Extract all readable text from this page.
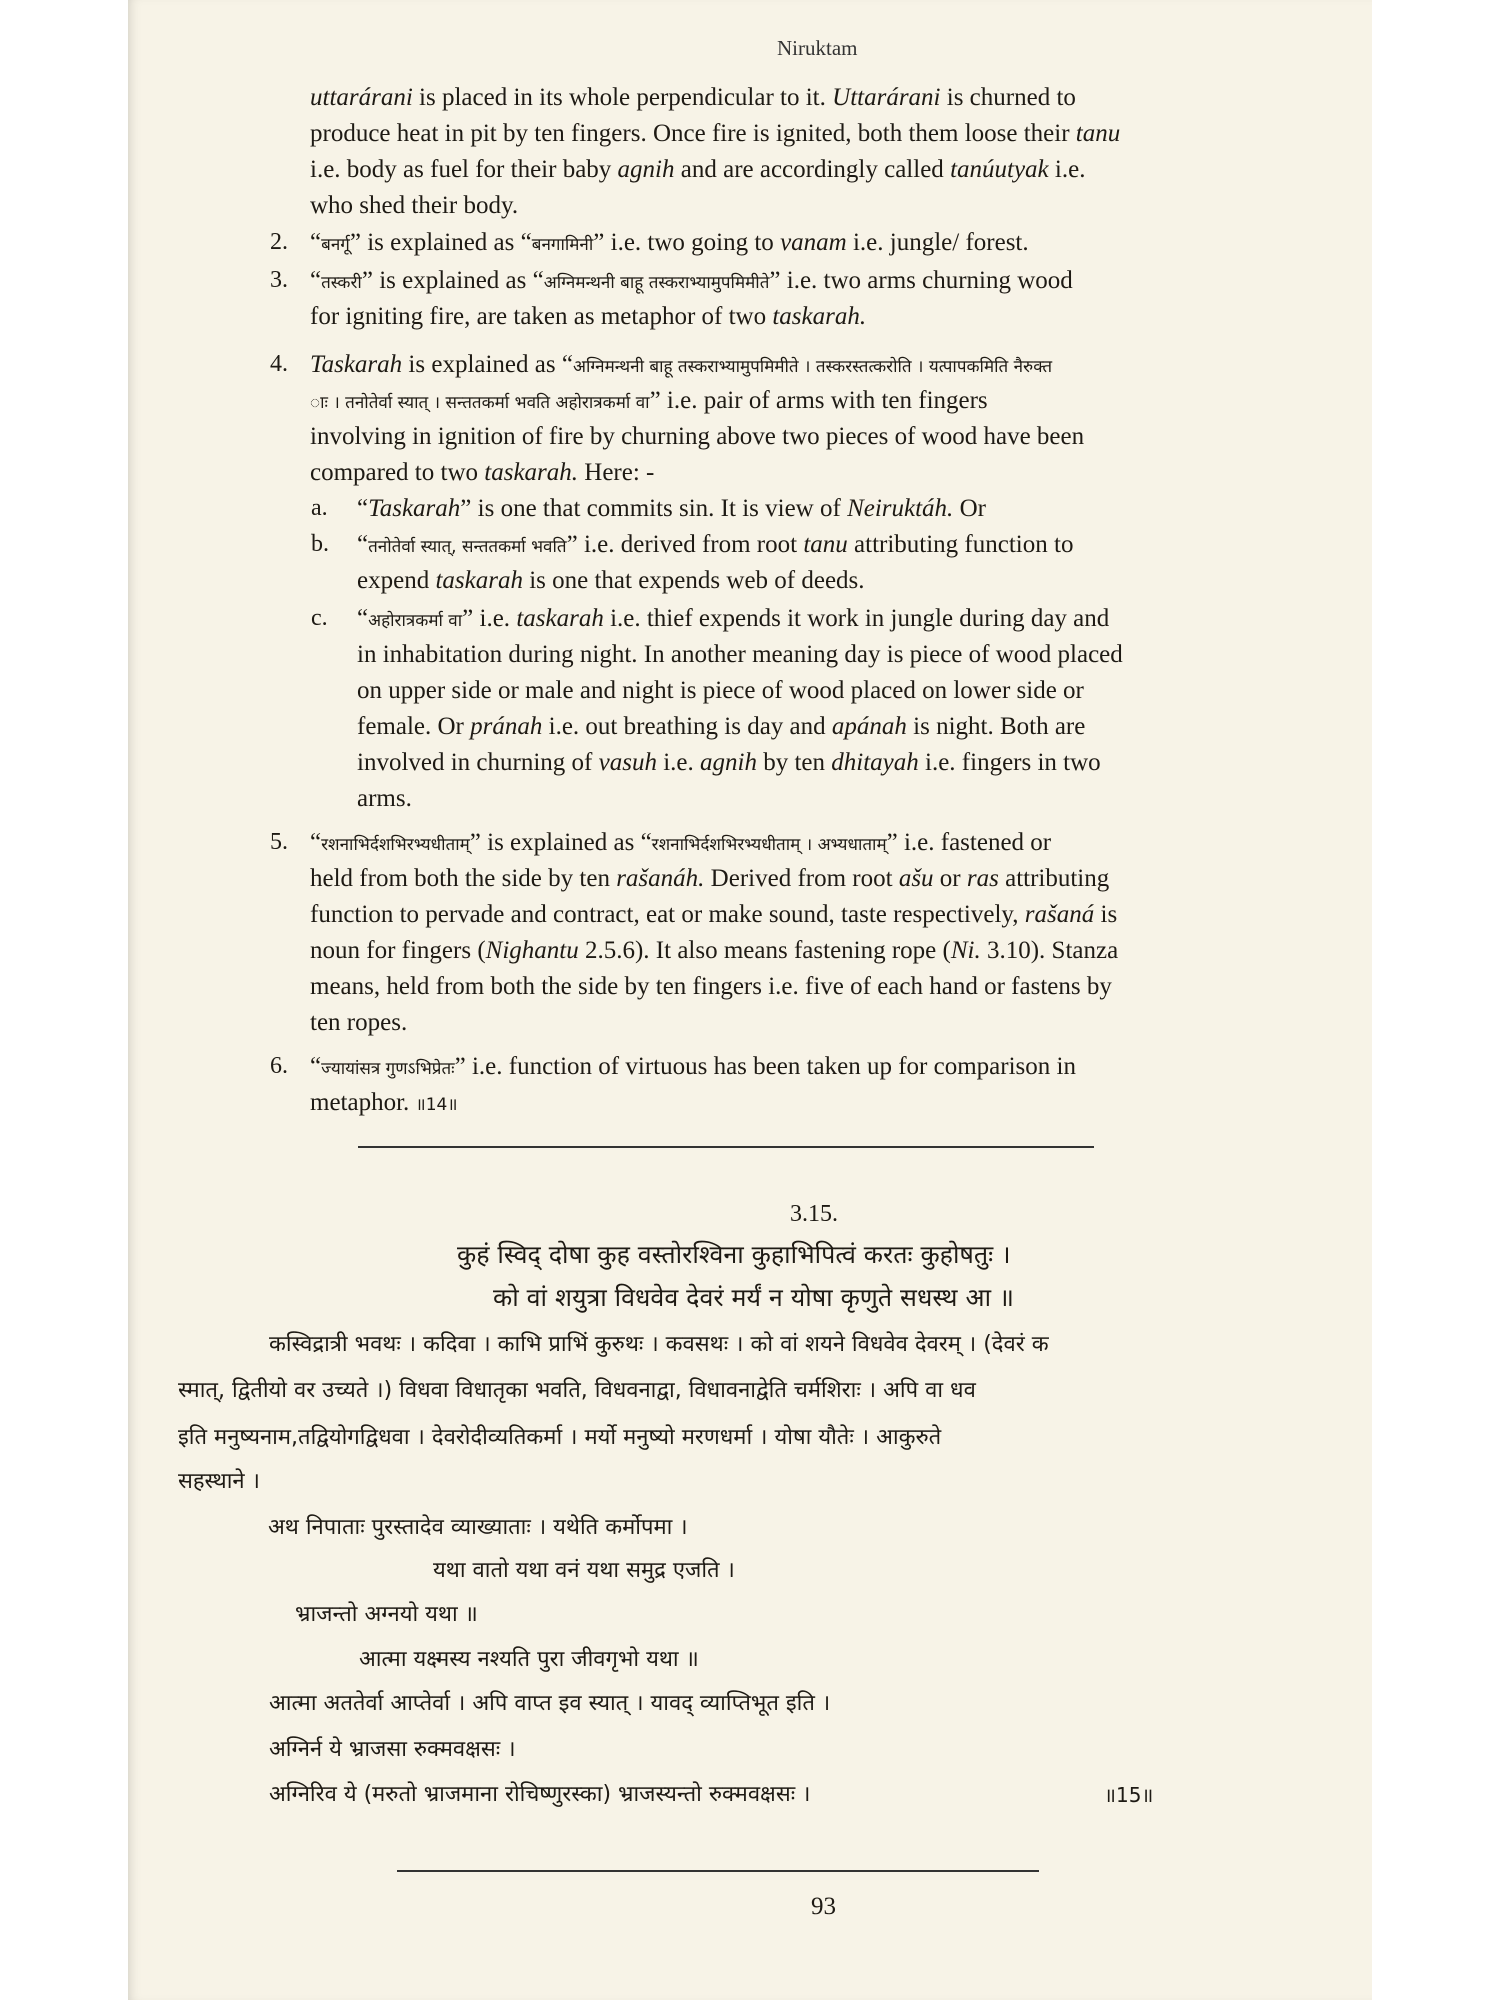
Niruktam
uttarárani is placed in its whole perpendicular to it. Uttarárani is churned to
produce heat in pit by ten fingers. Once fire is ignited, both them loose their tanu
i.e. body as fuel for their baby agnih and are accordingly called tanúutyak i.e.
who shed their body.
2. “बनर्गू” is explained as “बनगामिनी” i.e. two going to vanam i.e. jungle/ forest.
3. “तस्करी” is explained as “अग्निमन्थनी बाहू तस्कराभ्यामुपमिमीते” i.e. two arms churning wood
for igniting fire, are taken as metaphor of two taskarah.
4. Taskarah is explained as “अग्निमन्थनी बाहू तस्कराभ्यामुपमिमीते । तस्करस्तत्करोति । यत्पापकमिति नैरुक्त
ाः । तनोतेर्वा स्यात् । सन्ततकर्मा भवति अहोरात्रकर्मा वा” i.e. pair of arms with ten fingers
involving in ignition of fire by churning above two pieces of wood have been
compared to two taskarah. Here: -
a. “Taskarah” is one that commits sin. It is view of Neiruktáh. Or
b. “तनोतेर्वा स्यात्, सन्ततकर्मा भवति” i.e. derived from root tanu attributing function to
expend taskarah is one that expends web of deeds.
c. “अहोरात्रकर्मा वा” i.e. taskarah i.e. thief expends it work in jungle during day and
in inhabitation during night. In another meaning day is piece of wood placed
on upper side or male and night is piece of wood placed on lower side or
female. Or pránah i.e. out breathing is day and apánah is night. Both are
involved in churning of vasuh i.e. agnih by ten dhitayah i.e. fingers in two
arms.
5. “रशनाभिर्दशभिरभ्यधीताम्” is explained as “रशनाभिर्दशभिरभ्यधीताम् । अभ्यधाताम्” i.e. fastened or
held from both the side by ten rašanáh. Derived from root ašu or ras attributing
function to pervade and contract, eat or make sound, taste respectively, rašaná is
noun for fingers (Nighantu 2.5.6). It also means fastening rope (Ni. 3.10). Stanza
means, held from both the side by ten fingers i.e. five of each hand or fastens by
ten ropes.
6. “ज्यायांसत्र गुणऽभिप्रेतः” i.e. function of virtuous has been taken up for comparison in
metaphor. ॥14॥
3.15.
कुहं स्विद् दोषा कुह वस्तोरश्विना कुहाभिपित्वं करतः कुहोषतुः ।
को वां शयुत्रा विधवेव देवरं मर्यं न योषा कृणुते सधस्थ आ ॥
कस्विद्रात्री भवथः । कदिवा । काभि प्राभिं कुरुथः । कवसथः । को वां शयने विधवेव देवरम् । (देवरं क
स्मात्, द्वितीयो वर उच्यते ।) विधवा विधातृका भवति, विधवनाद्वा, विधावनाद्वेति चर्मशिराः । अपि वा धव
इति मनुष्यनाम,तद्वियोगद्विधवा । देवरोदीव्यतिकर्मा । मर्यो मनुष्यो मरणधर्मा । योषा यौतेः । आकुरुते
सहस्थाने ।
अथ निपाताः पुरस्तादेव व्याख्याताः । यथेति कर्मोपमा ।
यथा वातो यथा वनं यथा समुद्र एजति ।
भ्राजन्तो अग्नयो यथा ॥
आत्मा यक्ष्मस्य नश्यति पुरा जीवगृभो यथा ॥
आत्मा अततेर्वा आप्तेर्वा । अपि वाप्त इव स्यात् । यावद् व्याप्तिभूत इति ।
अग्निर्न ये भ्राजसा रुक्मवक्षसः ।
अग्निरिव ये (मरुतो भ्राजमाना रोचिष्णुरस्का) भ्राजस्यन्तो रुक्मवक्षसः ।	॥15॥
93
